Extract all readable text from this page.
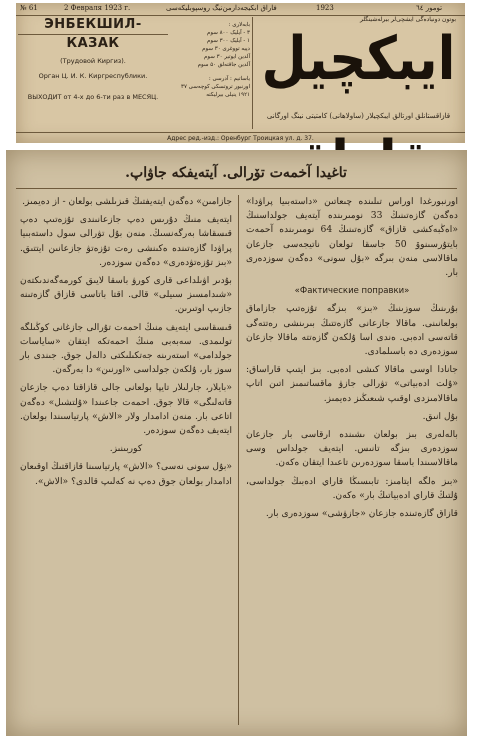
№ 61	2 Февраля 1923 г.	فاراق ابکیجه‌دارمن‌نیگ روسپوبلیکه‌سی	1923	تومور ٦٤
ЭНБЕКШИЛ-
КАЗАК
(Трудовой Киргиз).
Орган Ц. И. К. Киргреспублики.
ВЫХОДИТ от 4-х до 6-ти раз в МЕСЯЦ.
بابه‌لاری :
۳ - آیلیک ۸۰۰ سوم
۱ - آیلیک ۳۰۰ سوم
دپیه تووغری ۳۰ سوم
آلدین ایوتیر ۳۰ سوم
آلدین جاقته‌لق ۵۰ سوم
یاساتیم : آدرسی :
اورنبور تروتسکی کوچه‌سی ۳۷
۱۹۲۱ ینیلی بیرلیکته
بوتون دونیاده‌گی ایشچی‌لر بیرله‌شینگلر
ایبکچیل
قازاقستانلق اورتالق ایبکچیلار (ساولاهانی) کامتیتی نینگ اورگانی
Адрес ред.-изд.: Оренбург Троицкая ул. д. 37.
تاغیدا آخمەت تۆرالی. آیتەیفکە جاۋاپ.

اورنبورغدا اوراس تىلىندە چىعاتىن «داستەبىيا پراۋدا» دەگەن گازەتىنىڭ 33 نومىرىندە آيتەيف جولداسنىڭ «اەڭبەكشى قازاق» گازەتىنىڭ 64 نومىرىندە آحمەت بايتۇرسىنوۆ 50 جاسقا تولعان ناتيجەسى جازعان ماقالاسى منەن بىرگە «بۇل سونى» دەگەن سوزدەرى بار.

«Фактические поправки»

بۇرىنىڭ سوزىنىڭ «بىز» بىزگە تۇزەتىپ جازاماق بولعانىنى. ماقالا جازعانى گازەتتىڭ بىرىنشى رەتتەگى قاتەسى ادەبى. ەندى اسا ۇلكەن گازەتتە ماقالا جازعان سوزدەرى دە باسىلمادى.

جانادا اوسى ماقالا كىشى ادەبى. بىز ايتىپ قاراساق: «ۇلت ادەبياتى» تۋرالى جازۋ ماقساتىمىز اتىن اتاپ ماقالامىزدى اوقىپ شىعىڭىز دەيمىز.

بۇل انىق.

بالەلەرى بىز بولعان ىشىندە ارقاسى بار جازعان سوزدەرى بىزگە تانىس. ايتەيف جولداس وسى ماقالاسىندا باسقا سوزدەرىن تاعىدا ايتقان ەكەن.

«بىز ەلگە ايتامىز: تابىسىڭا قاراي ادەبىڭ جولداسى، ۇلتىڭ قاراي ادەبياتىڭ بار» ەكەن.

قازاق گازەتىندە جازعان «جازۋشى» سوزدەرى بار.

جازامىن» دەگەن ايتەيفتىڭ قىزىلشى بولعان - از دەيمىز.

ايتەيف منىڭ دۇرىس دەپ جازعانىندى تۇزەتىپ دەپ قىسقاشا بەرگەنسىڭ. منەن بۇل تۋرالى سول داستەبىيا پراۋدا گازەتىندە ەكىنشى رەت تۇزەتۋ جازعانىن ايتتىق. «بىز تۇزەتۋدەرى» دەگەن سوزدەر.

بۇدىر اۋىلداعى قارى كورۋ باسقا لايىق كورمەگەندىكتەن «شىدامسىز سىيلى» قالى. اقتا باتاسى قازاق گازەتىنە جازىپ اوتىرىن.

قىسقاسى ايتەيف منىڭ احمەت تۇرالى جازغانى كوڭىلگە تولىمدى. سەبەبى منىڭ احمەتكە ايتقان «ساياسات جولدامى» استەرىنە جەتكىلىكتى دالەل جوق. جىندى بار سوز بار، ۇلكەن جولداسى «اورنىن» دا بەرگەن.

«بايلار، جارلىلار تايپا بولعانى جالى قازاقتا دەپ جازعان قاتەلىگى» قالا جوق. احمەت جاعىندا «ۇلتشىل» دەگەن اتاعى بار. منەن ادامدار ولار «الاش» پارتياسىندا بولعان. ايتەيف دەگەن سوزدەر.

كوربىنىز.

«بۇل سونى نەسى؟ «الاش» پارتياسىنا قازاقتىڭ اوقىعان ادامدار بولعان جوق دەپ نە كەلىپ قالدى؟ «الاش».
